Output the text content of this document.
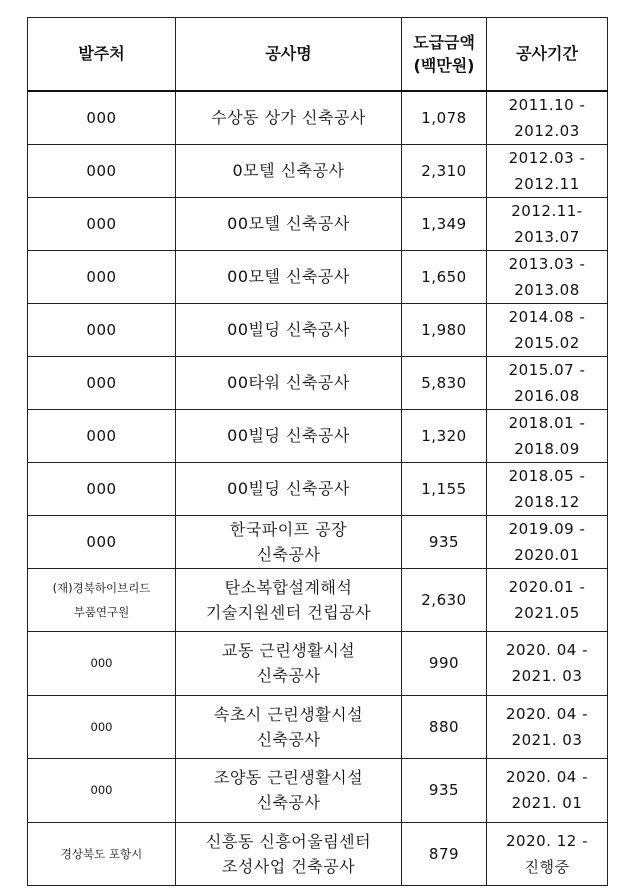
발주처	공사명	도급금액
(백만원)	공사기간

000	수상동 상가 신축공사	1,078	2011.10 -
2012.03

000	0모텔 신축공사	2,310	2012.03 -
2012.11

000	00모텔 신축공사	1,349	2012.11-
2013.07

000	00모텔 신축공사	1,650	2013.03 -
2013.08

000	00빌딩 신축공사	1,980	2014.08 -
2015.02

000	00타워 신축공사	5,830	2015.07 -
2016.08

000	00빌딩 신축공사	1,320	2018.01 -
2018.09

000	00빌딩 신축공사	1,155	2018.05 -
2018.12

000	한국파이프 공장
신축공사	935	2019.09 -
2020.01

(재)경북하이브리드
부품연구원	탄소복합설계해석
기술지원센터 건립공사	2,630	2020.01 -
2021.05

000	교동 근린생활시설
신축공사	990	2020. 04 -
2021. 03

000	속초시 근린생활시설
신축공사	880	2020. 04 -
2021. 03

000	조양동 근린생활시설
신축공사	935	2020. 04 -
2021. 01

경상북도 포항시	신흥동 신흥어울림센터
조성사업 건축공사	879	2020. 12 -
진행중
